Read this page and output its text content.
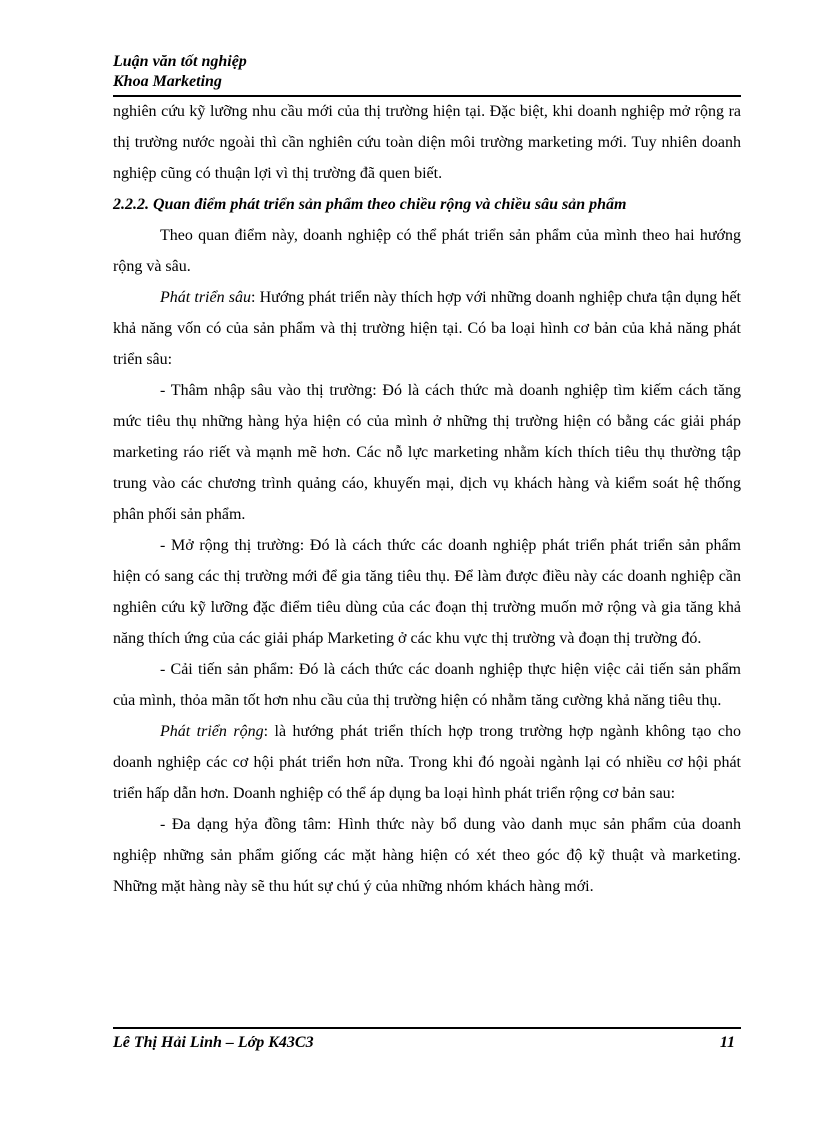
Luận văn tốt nghiệp
Khoa Marketing

nghiên cứu kỹ lưỡng nhu cầu mới của thị trường hiện tại. Đặc biệt, khi doanh nghiệp mở rộng ra thị trường nước ngoài thì cần nghiên cứu toàn diện môi trường marketing mới. Tuy nhiên doanh nghiệp cũng có thuận lợi vì thị trường đã quen biết.

2.2.2. Quan điểm phát triển sản phẩm theo chiều rộng và chiều sâu sản phẩm

Theo quan điểm này, doanh nghiệp có thể phát triển sản phẩm của mình theo hai hướng rộng và sâu.

Phát triển sâu: Hướng phát triển này thích hợp với những doanh nghiệp chưa tận dụng hết khả năng vốn có của sản phẩm và thị trường hiện tại. Có ba loại hình cơ bản của khả năng phát triển sâu:

- Thâm nhập sâu vào thị trường: Đó là cách thức mà doanh nghiệp tìm kiếm cách tăng mức tiêu thụ những hàng hỷa hiện có của mình ở những thị trường hiện có bằng các giải pháp marketing ráo riết và mạnh mẽ hơn. Các nỗ lực marketing nhằm kích thích tiêu thụ thường tập trung vào các chương trình quảng cáo, khuyến mại, dịch vụ khách hàng và kiểm soát hệ thống phân phối sản phẩm.

- Mở rộng thị trường: Đó là cách thức các doanh nghiệp phát triển phát triển sản phẩm hiện có sang các thị trường mới để gia tăng tiêu thụ. Để làm được điều này các doanh nghiệp cần nghiên cứu kỹ lưỡng đặc điểm tiêu dùng của các đoạn thị trường muốn mở rộng và gia tăng khả năng thích ứng của các giải pháp Marketing ở các khu vực thị trường và đoạn thị trường đó.

- Cải tiến sản phẩm: Đó là cách thức các doanh nghiệp thực hiện việc cải tiến sản phẩm của mình, thỏa mãn tốt hơn nhu cầu của thị trường hiện có nhằm tăng cường khả năng tiêu thụ.

Phát triển rộng: là hướng phát triển thích hợp trong trường hợp ngành không tạo cho doanh nghiệp các cơ hội phát triển hơn nữa. Trong khi đó ngoài ngành lại có nhiều cơ hội phát triển hấp dẫn hơn. Doanh nghiệp có thể áp dụng ba loại hình phát triển rộng cơ bản sau:

- Đa dạng hỷa đồng tâm: Hình thức này bổ dung vào danh mục sản phẩm của doanh nghiệp những sản phẩm giống các mặt hàng hiện có xét theo góc độ kỹ thuật và marketing. Những mặt hàng này sẽ thu hút sự chú ý của những nhóm khách hàng mới.

Lê Thị Hải Linh – Lớp K43C3	11
